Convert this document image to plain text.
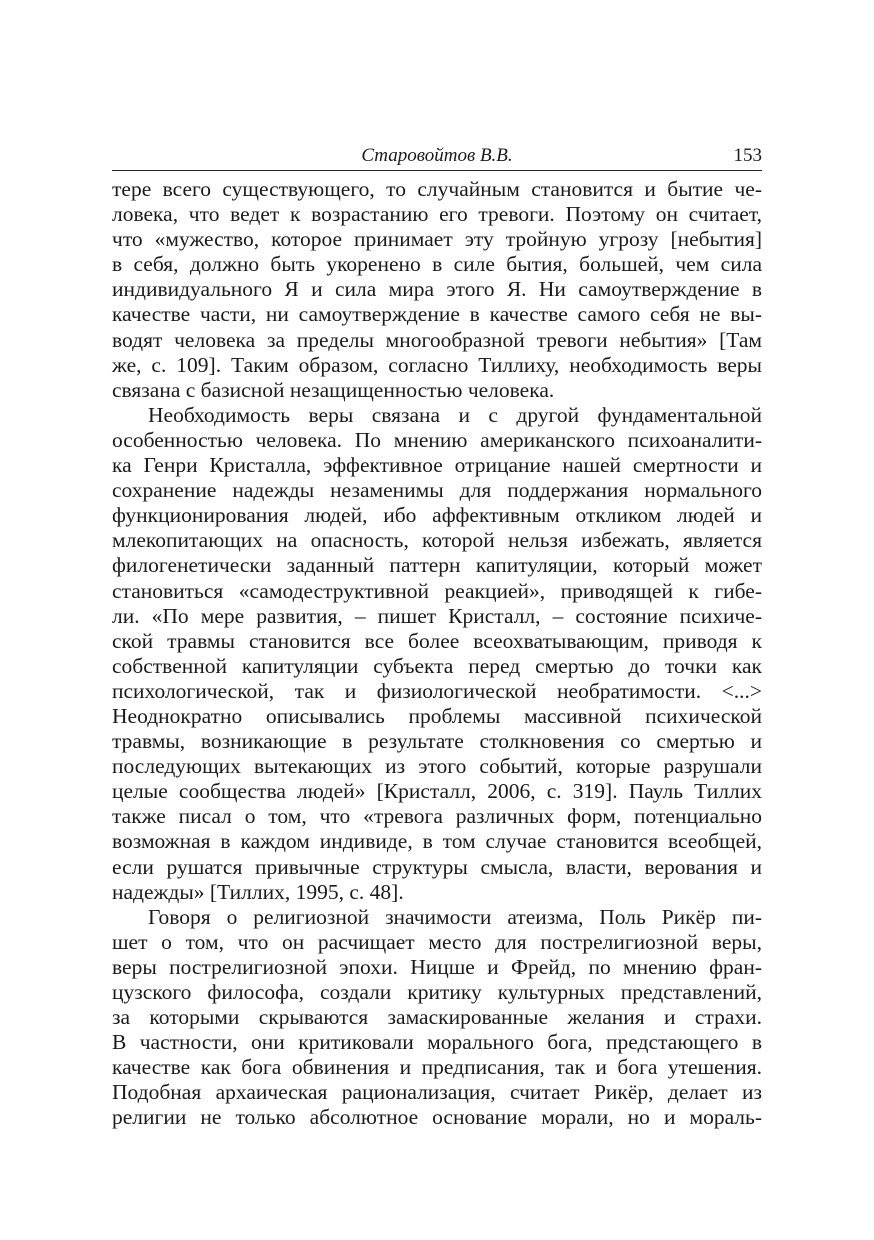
Старовойтов В.В.	153
тере всего существующего, то случайным становится и бытие че-
ловека, что ведет к возрастанию его тревоги. Поэтому он считает,
что «мужество, которое принимает эту тройную угрозу [небытия]
в себя, должно быть укоренено в силе бытия, большей, чем сила
индивидуального Я и сила мира этого Я. Ни самоутверждение в
качестве части, ни самоутверждение в качестве самого себя не вы-
водят человека за пределы многообразной тревоги небытия» [Там
же, с. 109]. Таким образом, согласно Тиллиху, необходимость веры
связана с базисной незащищенностью человека.
Необходимость веры связана и с другой фундаментальной
особенностью человека. По мнению американского психоаналити-
ка Генри Кристалла, эффективное отрицание нашей смертности и
сохранение надежды незаменимы для поддержания нормального
функционирования людей, ибо аффективным откликом людей и
млекопитающих на опасность, которой нельзя избежать, является
филогенетически заданный паттерн капитуляции, который может
становиться «самодеструктивной реакцией», приводящей к гибе-
ли. «По мере развития, – пишет Кристалл, – состояние психиче-
ской травмы становится все более всеохватывающим, приводя к
собственной капитуляции субъекта перед смертью до точки как
психологической, так и физиологической необратимости. <...>
Неоднократно описывались проблемы массивной психической
травмы, возникающие в результате столкновения со смертью и
последующих вытекающих из этого событий, которые разрушали
целые сообщества людей» [Кристалл, 2006, с. 319]. Пауль Тиллих
также писал о том, что «тревога различных форм, потенциально
возможная в каждом индивиде, в том случае становится всеобщей,
если рушатся привычные структуры смысла, власти, верования и
надежды» [Тиллих, 1995, с. 48].
Говоря о религиозной значимости атеизма, Поль Рикёр пи-
шет о том, что он расчищает место для пострелигиозной веры,
веры пострелигиозной эпохи. Ницше и Фрейд, по мнению фран-
цузского философа, создали критику культурных представлений,
за которыми скрываются замаскированные желания и страхи.
В частности, они критиковали морального бога, предстающего в
качестве как бога обвинения и предписания, так и бога утешения.
Подобная архаическая рационализация, считает Рикёр, делает из
религии не только абсолютное основание морали, но и мораль-
